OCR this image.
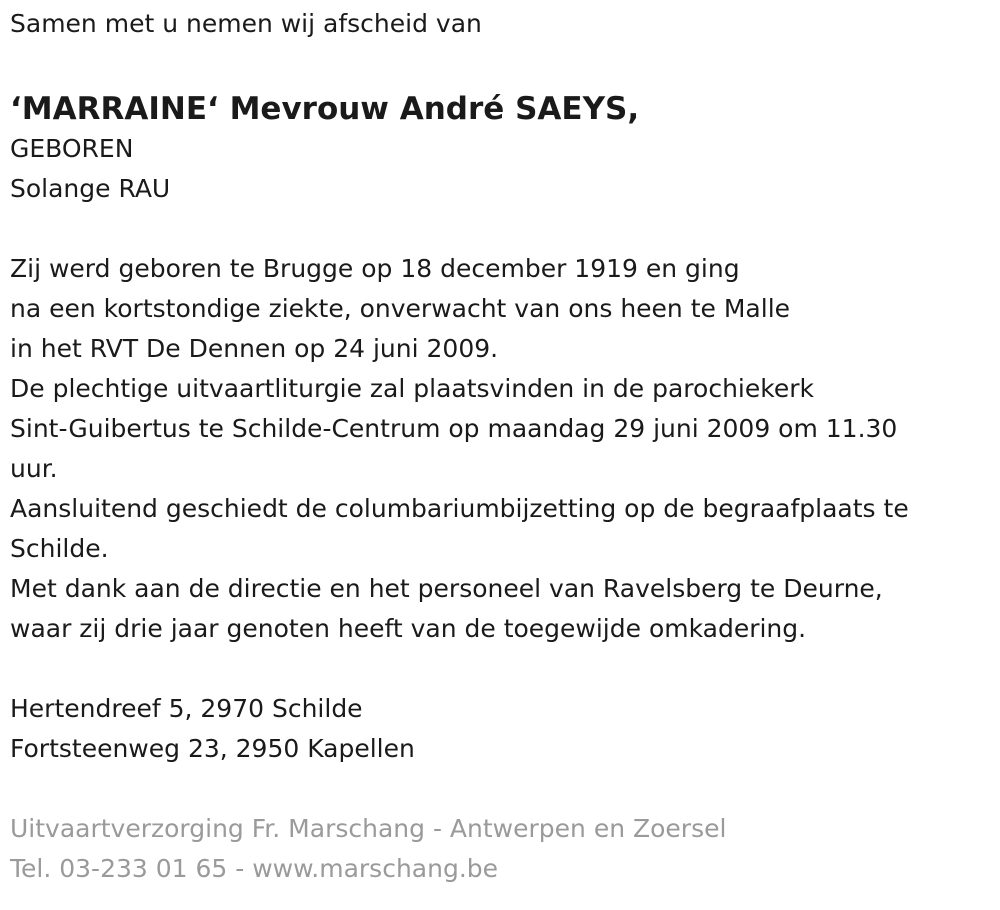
Samen met u nemen wij afscheid van

‘MARRAINE‘ Mevrouw André SAEYS,

GEBOREN

Solange RAU

Zij werd geboren te Brugge op 18 december 1919 en ging

na een kortstondige ziekte, onverwacht van ons heen te Malle

in het RVT De Dennen op 24 juni 2009.

De plechtige uitvaartliturgie zal plaatsvinden in de parochiekerk

Sint-Guibertus te Schilde-Centrum op maandag 29 juni 2009 om 11.30

uur.

Aansluitend geschiedt de columbariumbijzetting op de begraafplaats te

Schilde.

Met dank aan de directie en het personeel van Ravelsberg te Deurne,

waar zij drie jaar genoten heeft van de toegewijde omkadering.

Hertendreef 5, 2970 Schilde

Fortsteenweg 23, 2950 Kapellen

Uitvaartverzorging Fr. Marschang - Antwerpen en Zoersel

Tel. 03-233 01 65 - www.marschang.be
